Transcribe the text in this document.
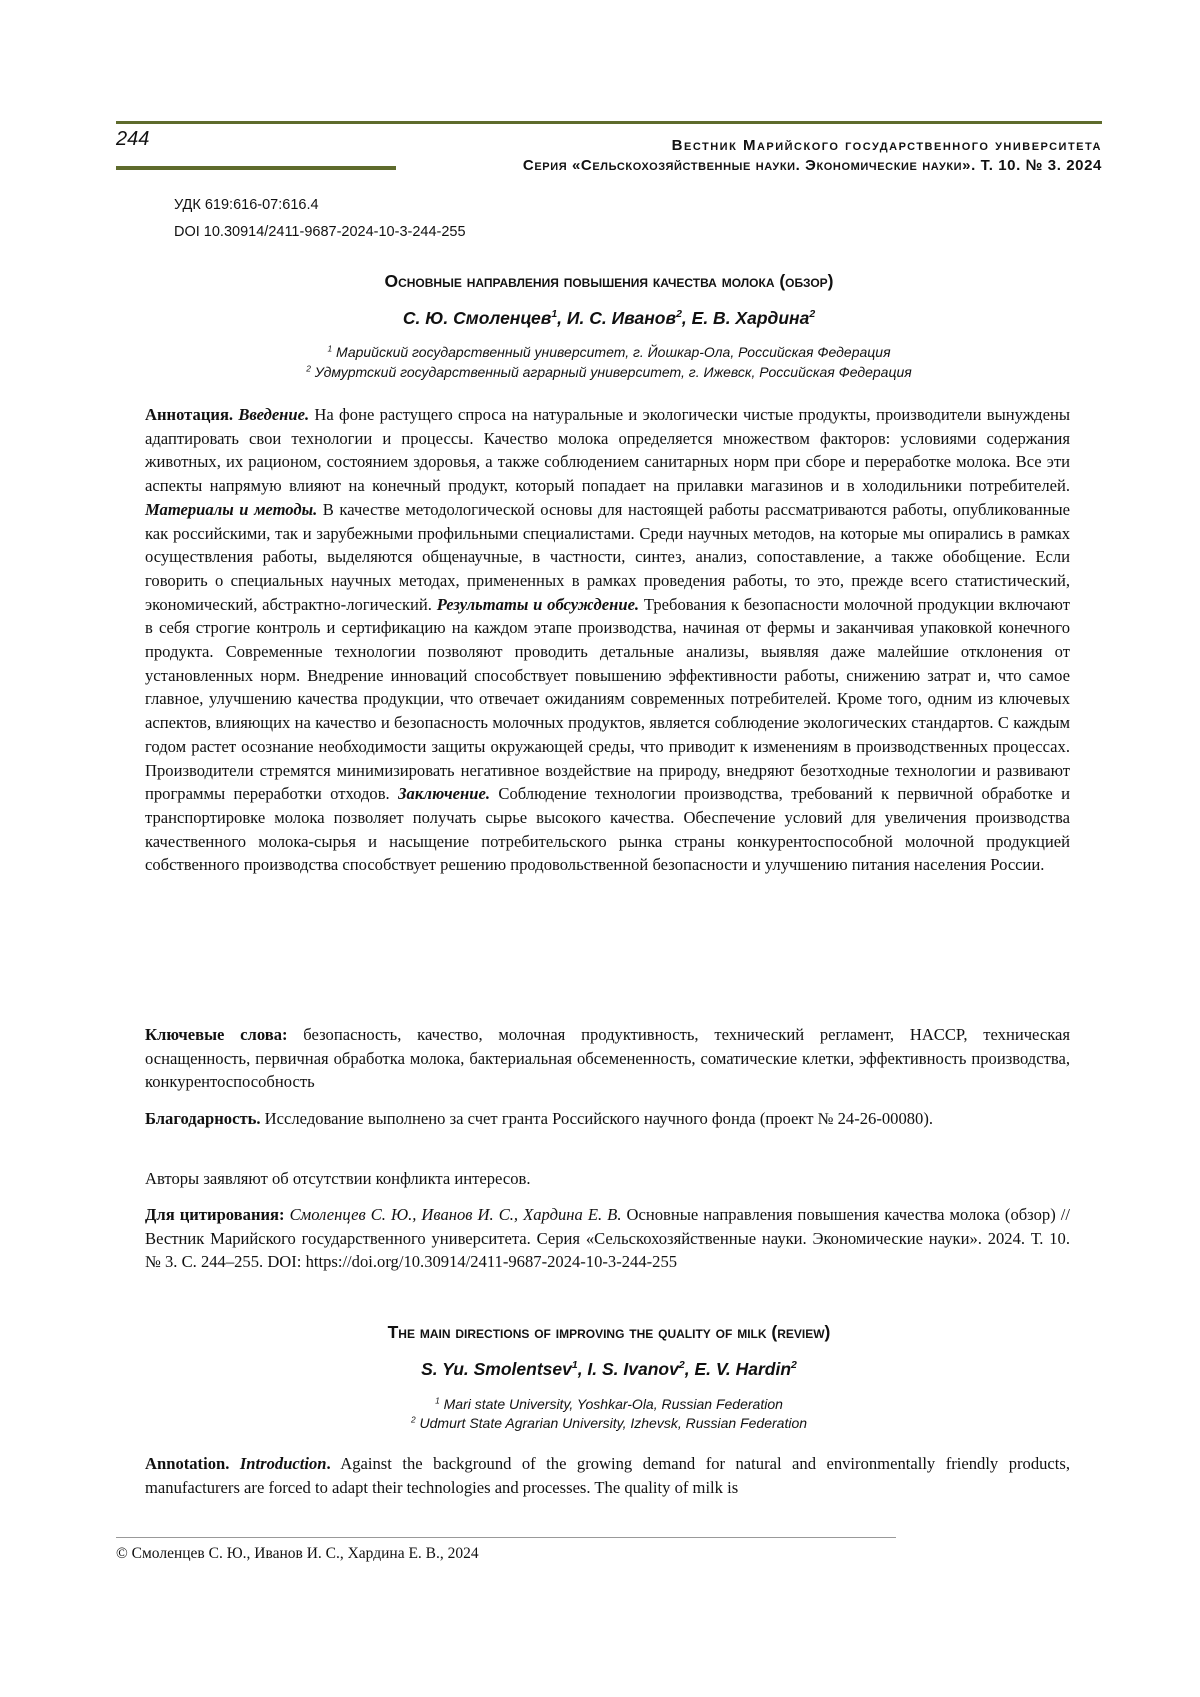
244	Вестник Марийского государственного университета
Серия «Сельскохозяйственные науки. Экономические науки». Т. 10. № 3. 2024
УДК 619:616-07:616.4
DOI 10.30914/2411-9687-2024-10-3-244-255
Основные направления повышения качества молока (обзор)
С. Ю. Смоленцев$^1$, И. С. Иванов$^2$, Е. В. Хардина$^2$
$^1$ Марийский государственный университет, г. Йошкар-Ола, Российская Федерация
$^2$ Удмуртский государственный аграрный университет, г. Ижевск, Российская Федерация
Аннотация. Введение. На фоне растущего спроса на натуральные и экологически чистые продукты, производители вынуждены адаптировать свои технологии и процессы. Качество молока определяется множеством факторов: условиями содержания животных, их рационом, состоянием здоровья, а также соблюдением санитарных норм при сборе и переработке молока. Все эти аспекты напрямую влияют на конечный продукт, который попадает на прилавки магазинов и в холодильники потребителей. Материалы и методы. В качестве методологической основы для настоящей работы рассматриваются работы, опубликованные как российскими, так и зарубежными профильными специалистами. Среди научных методов, на которые мы опирались в рамках осуществления работы, выделяются общенаучные, в частности, синтез, анализ, сопоставление, а также обобщение. Если говорить о специальных научных методах, примененных в рамках проведения работы, то это, прежде всего статистический, экономический, абстрактно-логический. Результаты и обсуждение. Требования к безопасности молочной продукции включают в себя строгие контроль и сертификацию на каждом этапе производства, начиная от фермы и заканчивая упаковкой конечного продукта. Современные технологии позволяют проводить детальные анализы, выявляя даже малейшие отклонения от установленных норм. Внедрение инноваций способствует повышению эффективности работы, снижению затрат и, что самое главное, улучшению качества продукции, что отвечает ожиданиям современных потребителей. Кроме того, одним из ключевых аспектов, влияющих на качество и безопасность молочных продуктов, является соблюдение экологических стандартов. С каждым годом растет осознание необходимости защиты окружающей среды, что приводит к изменениям в производственных процессах. Производители стремятся минимизировать негативное воздействие на природу, внедряют безотходные технологии и развивают программы переработки отходов. Заключение. Соблюдение технологии производства, требований к первичной обработке и транспортировке молока позволяет получать сырье высокого качества. Обеспечение условий для увеличения производства качественного молока-сырья и насыщение потребительского рынка страны конкурентоспособной молочной продукцией собственного производства способствует решению продовольственной безопасности и улучшению питания населения России.
Ключевые слова: безопасность, качество, молочная продуктивность, технический регламент, HACCP, техническая оснащенность, первичная обработка молока, бактериальная обсемененность, соматические клетки, эффективность производства, конкурентоспособность
Благодарность. Исследование выполнено за счет гранта Российского научного фонда (проект № 24-26-00080).
Авторы заявляют об отсутствии конфликта интересов.
Для цитирования: Смоленцев С. Ю., Иванов И. С., Хардина Е. В. Основные направления повышения качества молока (обзор) // Вестник Марийского государственного университета. Серия «Сельскохозяйственные науки. Экономические науки». 2024. Т. 10. № 3. С. 244–255. DOI: https://doi.org/10.30914/2411-9687-2024-10-3-244-255
The main directions of improving the quality of milk (review)
S. Yu. Smolentsev$^1$, I. S. Ivanov$^2$, E. V. Hardin$^2$
$^1$ Mari state University, Yoshkar-Ola, Russian Federation
$^2$ Udmurt State Agrarian University, Izhevsk, Russian Federation
Annotation. Introduction. Against the background of the growing demand for natural and environmentally friendly products, manufacturers are forced to adapt their technologies and processes. The quality of milk is
© Смоленцев С. Ю., Иванов И. С., Хардина Е. В., 2024
